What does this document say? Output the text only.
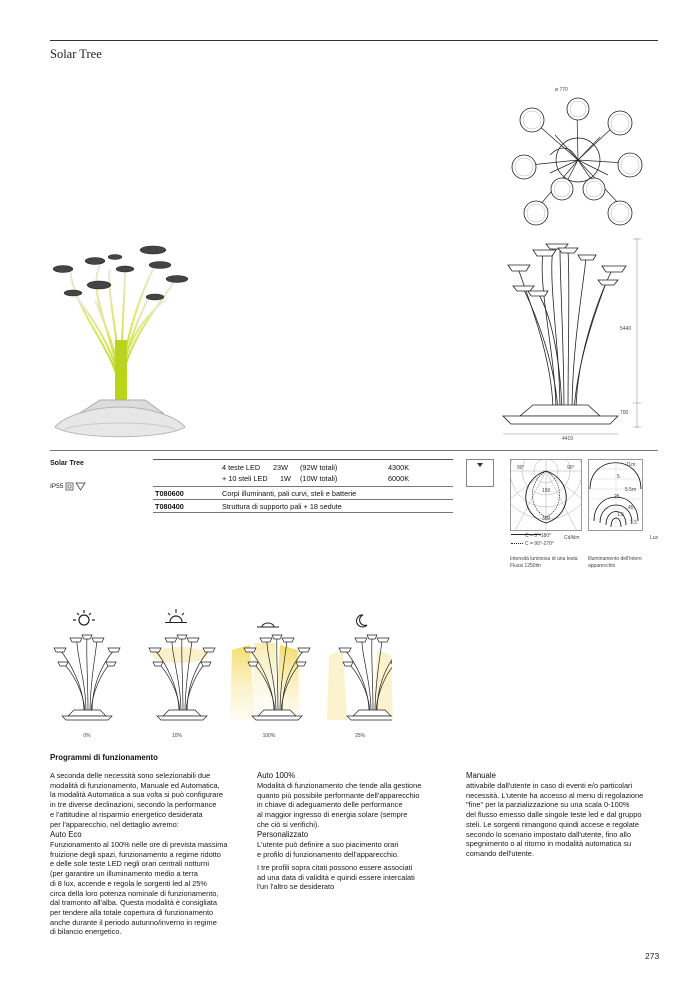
Solar Tree
ø 770
5440
700
4410
Solar Tree
IP55
4 teste LED 23W (92W totali)	4300K
+ 10 steli LED 1W (10W totali)	6000K
T080600	Corpi illuminanti, pali curvi, steli e batterie
T080400	Struttura di supporto pali + 18 sedute
90°	90°
150
300
Cd/klm
C = 0°-180°
C = 90°-270°
Intensità luminosa di una testa
Flussi 1250lm
11m
5
5.5m
25
45
1.5
1.5
Lux
Illuminamento dell'intero
apparecchio
0%	10%	100%	25%
Programmi di funzionamento
A seconda delle necessità sono selezionabili due
modalità di funzionamento, Manuale ed Automatica,
la modalità Automatica a sua volta si può configurare
in tre diverse declinazioni, secondo la performance
e l'attitudine al risparmio energetico desiderata
per l'apparecchio, nel dettaglio avremo:
Auto Eco
Funzionamento al 100% nelle ore di prevista massima
fruizione degli spazi, funzionamento a regime ridotto
e delle sole teste LED negli orari centrali notturni
(per garantire un illuminamento medio a terra
di 8 lux, accende e regola le sorgenti led al 25%
circa della loro potenza nominale di funzionamento,
dal tramonto all'alba. Questa modalità è consigliata
per tendere alla totale copertura di funzionamento
anche durante il periodo autunno/inverno in regime
di bilancio energetico.
Auto 100%
Modalità di funzionamento che tende alla gestione
quanto più possibile performante dell'apparecchio
in chiave di adeguamento delle performance
al maggior ingresso di energia solare (sempre
che ciò si verifichi).
Personalizzato
L'utente può definire a suo piacimento orari
e profilo di funzionamento dell'apparecchio.
I tre profili sopra citati possono essere associati
ad una data di validità e quindi essere intercalati
l'un l'altro se desiderato
Manuale
attivabile dall'utente in caso di eventi e/o particolari
necessità. L'utente ha accesso al menu di regolazione
"fine" per la parzializzazione su una scala 0-100%
del flusso emesso dalle singole teste led e dal gruppo
steli. Le sorgenti rimangono quindi accese e regolate
secondo lo scenario impostato dall'utente, fino allo
spegnimento o al ritorno in modalità automatica su
comando dell'utente.
273
